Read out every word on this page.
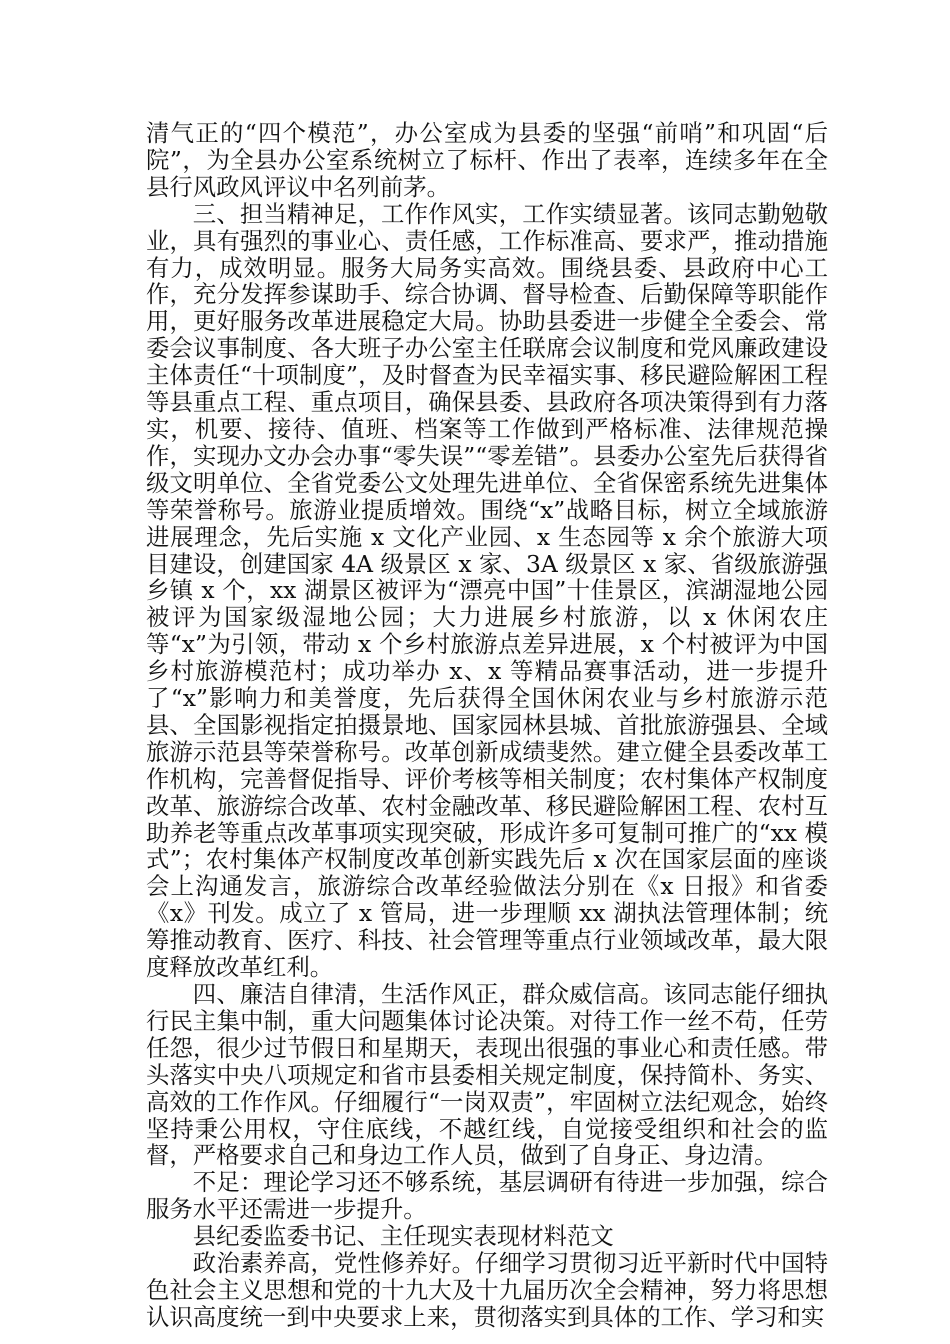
清气正的“四个模范”，办公室成为县委的坚强“前哨”和巩固“后院”，为全县办公室系统树立了标杆、作出了表率，连续多年在全县行风政风评议中名列前茅。

三、担当精神足，工作作风实，工作实绩显著。该同志勤勉敬业，具有强烈的事业心、责任感，工作标准高、要求严，推动措施有力，成效明显。服务大局务实高效。围绕县委、县政府中心工作，充分发挥参谋助手、综合协调、督导检查、后勤保障等职能作用，更好服务改革进展稳定大局。协助县委进一步健全全委会、常委会议事制度、各大班子办公室主任联席会议制度和党风廉政建设主体责任“十项制度”，及时督查为民幸福实事、移民避险解困工程等县重点工程、重点项目，确保县委、县政府各项决策得到有力落实，机要、接待、值班、档案等工作做到严格标准、法律规范操作，实现办文办会办事“零失误”“零差错”。县委办公室先后获得省级文明单位、全省党委公文处理先进单位、全省保密系统先进集体等荣誉称号。旅游业提质增效。围绕“x”战略目标，树立全域旅游进展理念，先后实施 x 文化产业园、x 生态园等 x 余个旅游大项目建设，创建国家 4A 级景区 x 家、3A 级景区 x 家、省级旅游强乡镇 x 个，xx 湖景区被评为“漂亮中国”十佳景区，滨湖湿地公园被评为国家级湿地公园；大力进展乡村旅游，以 x 休闲农庄等“x”为引领，带动 x 个乡村旅游点差异进展，x 个村被评为中国乡村旅游模范村；成功举办 x、x 等精品赛事活动，进一步提升了“x”影响力和美誉度，先后获得全国休闲农业与乡村旅游示范县、全国影视指定拍摄景地、国家园林县城、首批旅游强县、全域旅游示范县等荣誉称号。改革创新成绩斐然。建立健全县委改革工作机构，完善督促指导、评价考核等相关制度；农村集体产权制度改革、旅游综合改革、农村金融改革、移民避险解困工程、农村互助养老等重点改革事项实现突破，形成许多可复制可推广的“xx 模式”；农村集体产权制度改革创新实践先后 x 次在国家层面的座谈会上沟通发言，旅游综合改革经验做法分别在《x 日报》和省委《x》刊发。成立了 x 管局，进一步理顺 xx 湖执法管理体制；统筹推动教育、医疗、科技、社会管理等重点行业领域改革，最大限度释放改革红利。

四、廉洁自律清，生活作风正，群众威信高。该同志能仔细执行民主集中制，重大问题集体讨论决策。对待工作一丝不苟，任劳任怨，很少过节假日和星期天，表现出很强的事业心和责任感。带头落实中央八项规定和省市县委相关规定制度，保持简朴、务实、高效的工作作风。仔细履行“一岗双责”，牢固树立法纪观念，始终坚持秉公用权，守住底线，不越红线，自觉接受组织和社会的监督，严格要求自己和身边工作人员，做到了自身正、身边清。

不足：理论学习还不够系统，基层调研有待进一步加强，综合服务水平还需进一步提升。

县纪委监委书记、主任现实表现材料范文

政治素养高，党性修养好。仔细学习贯彻习近平新时代中国特色社会主义思想和党的十九大及十九届历次全会精神，努力将思想认识高度统一到中央要求上来，贯彻落实到具体的工作、学习和实
